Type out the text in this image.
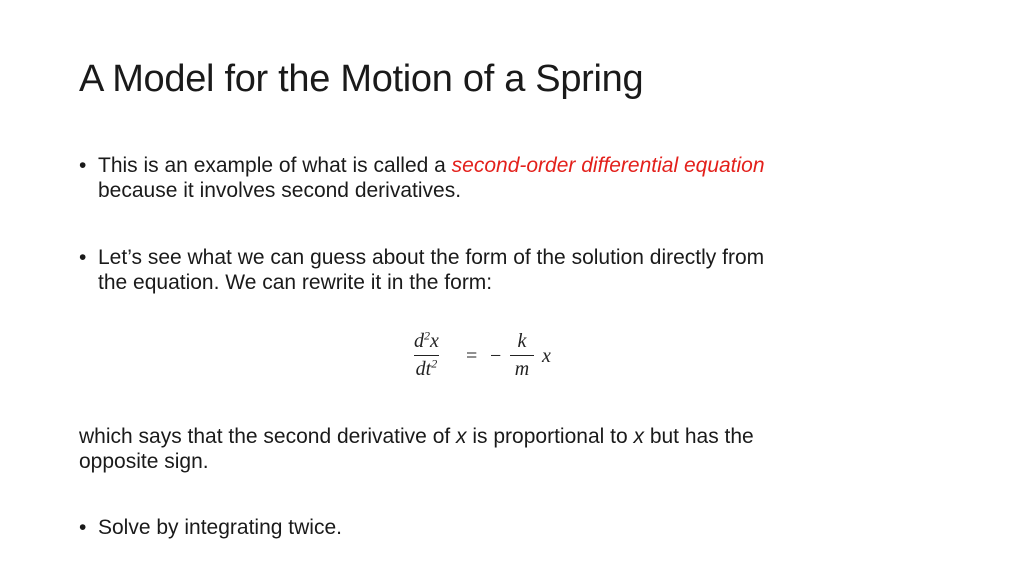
A Model for the Motion of a Spring
• This is an example of what is called a second-order differential equation
because it involves second derivatives.
• Let’s see what we can guess about the form of the solution directly from
the equation. We can rewrite it in the form:
$d^2x$
$dt^2$ = −
k
m
x

which says that the second derivative of x is proportional to x but has the
opposite sign.

• Solve by integrating twice.
